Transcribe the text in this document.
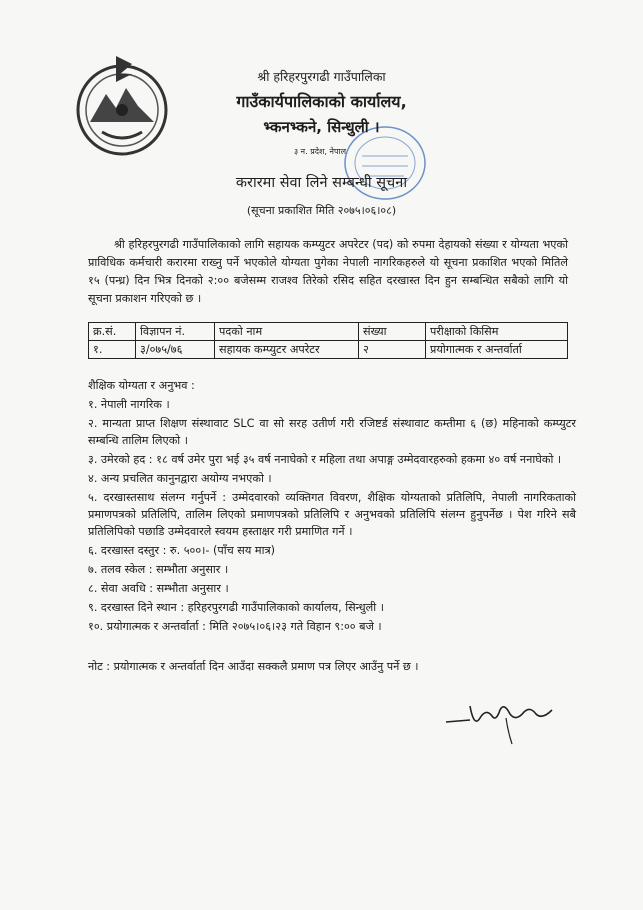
श्री हरिहरपुरगढी गाउँपालिका
गाउँकार्यपालिकाको कार्यालय,
भ्कनभ्कने, सिन्धुली ।
३ न. प्रदेश, नेपाल
करारमा सेवा लिने सम्बन्धी सूचना
(सूचना प्रकाशित मिति २०७५।०६।०८)
श्री हरिहरपुरगढी गाउँपालिकाको लागि सहायक कम्प्युटर अपरेटर (पद) को रुपमा देहायको संख्या र योग्यता भएको प्राविधिक कर्मचारी करारमा राख्नु पर्ने भएकोले योग्यता पुगेका नेपाली नागरिकहरुले यो सूचना प्रकाशित भएको मितिले १५ (पन्ध्र) दिन भित्र दिनको २:०० बजेसम्म राजश्व तिरेको रसिद सहित दरखास्त दिन हुन सम्बन्धित सबैको लागि यो सूचना प्रकाशन गरिएको छ ।
क्र.सं.	विज्ञापन नं.	पदको नाम	संख्या	परीक्षाको किसिम
१.	३/०७५/७६	सहायक कम्प्युटर अपरेटर	२	प्रयोगात्मक र अन्तर्वार्ता
शैक्षिक योग्यता र अनुभव :
१. नेपाली नागरिक ।
२. मान्यता प्राप्त शिक्षण संस्थावाट SLC वा सो सरह उतीर्ण गरी रजिष्टर्ड संस्थावाट कम्तीमा ६ (छ) महिनाको कम्प्युटर सम्बन्धि तालिम लिएको ।
३. उमेरको हद : १८ वर्ष उमेर पुरा भई ३५ वर्ष ननाघेको र महिला तथा अपाङ्ग उम्मेदवारहरुको हकमा ४० वर्ष ननाघेको ।
४. अन्य प्रचलित कानुनद्वारा अयोग्य नभएको ।
५. दरखास्तसाथ संलग्न गर्नुपर्ने : उम्मेदवारको व्यक्तिगत विवरण, शैक्षिक योग्यताको प्रतिलिपि, नेपाली नागरिकताको प्रमाणपत्रको प्रतिलिपि, तालिम लिएको प्रमाणपत्रको प्रतिलिपि र अनुभवको प्रतिलिपि संलग्न हुनुपर्नेछ । पेश गरिने सबै प्रतिलिपिको पछाडि उम्मेदवारले स्वयम हस्ताक्षर गरी प्रमाणित गर्ने ।
६. दरखास्त दस्तुर : रु. ५००।- (पाँच सय मात्र)
७. तलव स्केल : सम्भौता अनुसार ।
८. सेवा अवधि : सम्भौता अनुसार ।
९. दरखास्त दिने स्थान : हरिहरपुरगढी गाउँपालिकाको कार्यालय, सिन्धुली ।
१०. प्रयोगात्मक र अन्तर्वार्ता : मिति २०७५।०६।२३ गते विहान ९:०० बजे ।
नोट : प्रयोगात्मक र अन्तर्वार्ता दिन आउँदा सक्कलै प्रमाण पत्र लिएर आउँनु पर्ने छ ।
